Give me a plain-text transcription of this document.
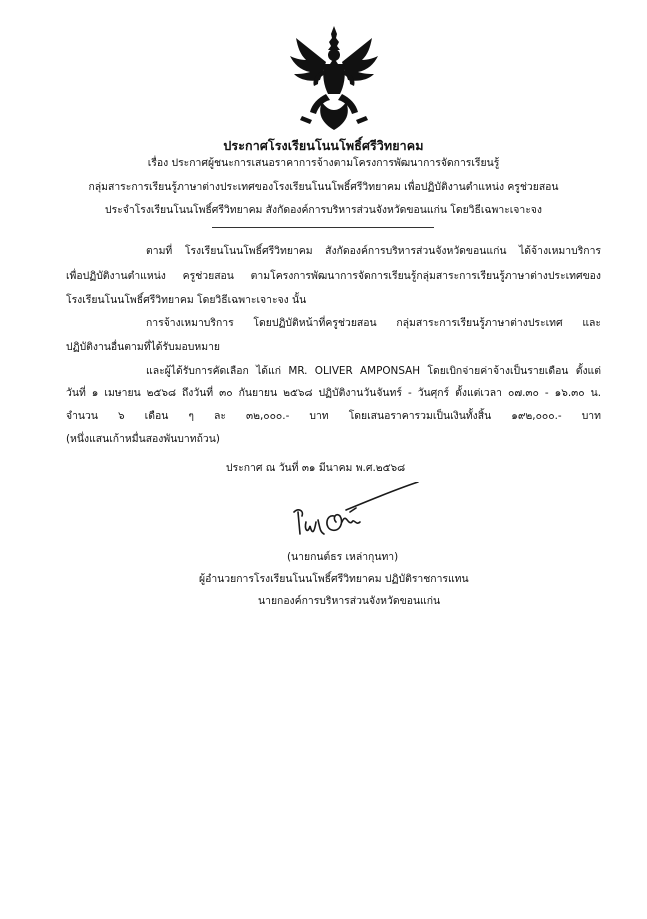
ประกาศโรงเรียนโนนโพธิ์ศรีวิทยาคม
เรื่อง ประกาศผู้ชนะการเสนอราคาการจ้างตามโครงการพัฒนาการจัดการเรียนรู้
กลุ่มสาระการเรียนรู้ภาษาต่างประเทศของโรงเรียนโนนโพธิ์ศรีวิทยาคม เพื่อปฏิบัติงานตำแหน่ง ครูช่วยสอน
ประจำโรงเรียนโนนโพธิ์ศรีวิทยาคม สังกัดองค์การบริหารส่วนจังหวัดขอนแก่น โดยวิธีเฉพาะเจาะจง
ตามที่ โรงเรียนโนนโพธิ์ศรีวิทยาคม สังกัดองค์การบริหารส่วนจังหวัดขอนแก่น ได้จ้างเหมาบริการ
เพื่อปฏิบัติงานตำแหน่ง ครูช่วยสอน ตามโครงการพัฒนาการจัดการเรียนรู้กลุ่มสาระการเรียนรู้ภาษาต่างประเทศของ
โรงเรียนโนนโพธิ์ศรีวิทยาคม โดยวิธีเฉพาะเจาะจง นั้น
การจ้างเหมาบริการ โดยปฏิบัติหน้าที่ครูช่วยสอน กลุ่มสาระการเรียนรู้ภาษาต่างประเทศ และ
ปฏิบัติงานอื่นตามที่ได้รับมอบหมาย
และผู้ได้รับการคัดเลือก ได้แก่ MR. OLIVER AMPONSAH โดยเบิกจ่ายค่าจ้างเป็นรายเดือน ตั้งแต่
วันที่ ๑ เมษายน ๒๕๖๘ ถึงวันที่ ๓๐ กันยายน ๒๕๖๘ ปฏิบัติงานวันจันทร์ - วันศุกร์ ตั้งแต่เวลา ๐๗.๓๐ - ๑๖.๓๐ น.
จำนวน ๖ เดือน ๆ ละ ๓๒,๐๐๐.- บาท โดยเสนอราคารวมเป็นเงินทั้งสิ้น ๑๙๒,๐๐๐.- บาท
(หนึ่งแสนเก้าหมื่นสองพันบาทถ้วน)
ประกาศ ณ วันที่ ๓๑ มีนาคม พ.ศ.๒๕๖๘
(นายกนต์ธร เหล่ากุนทา)
ผู้อำนวยการโรงเรียนโนนโพธิ์ศรีวิทยาคม ปฏิบัติราชการแทน
นายกองค์การบริหารส่วนจังหวัดขอนแก่น
